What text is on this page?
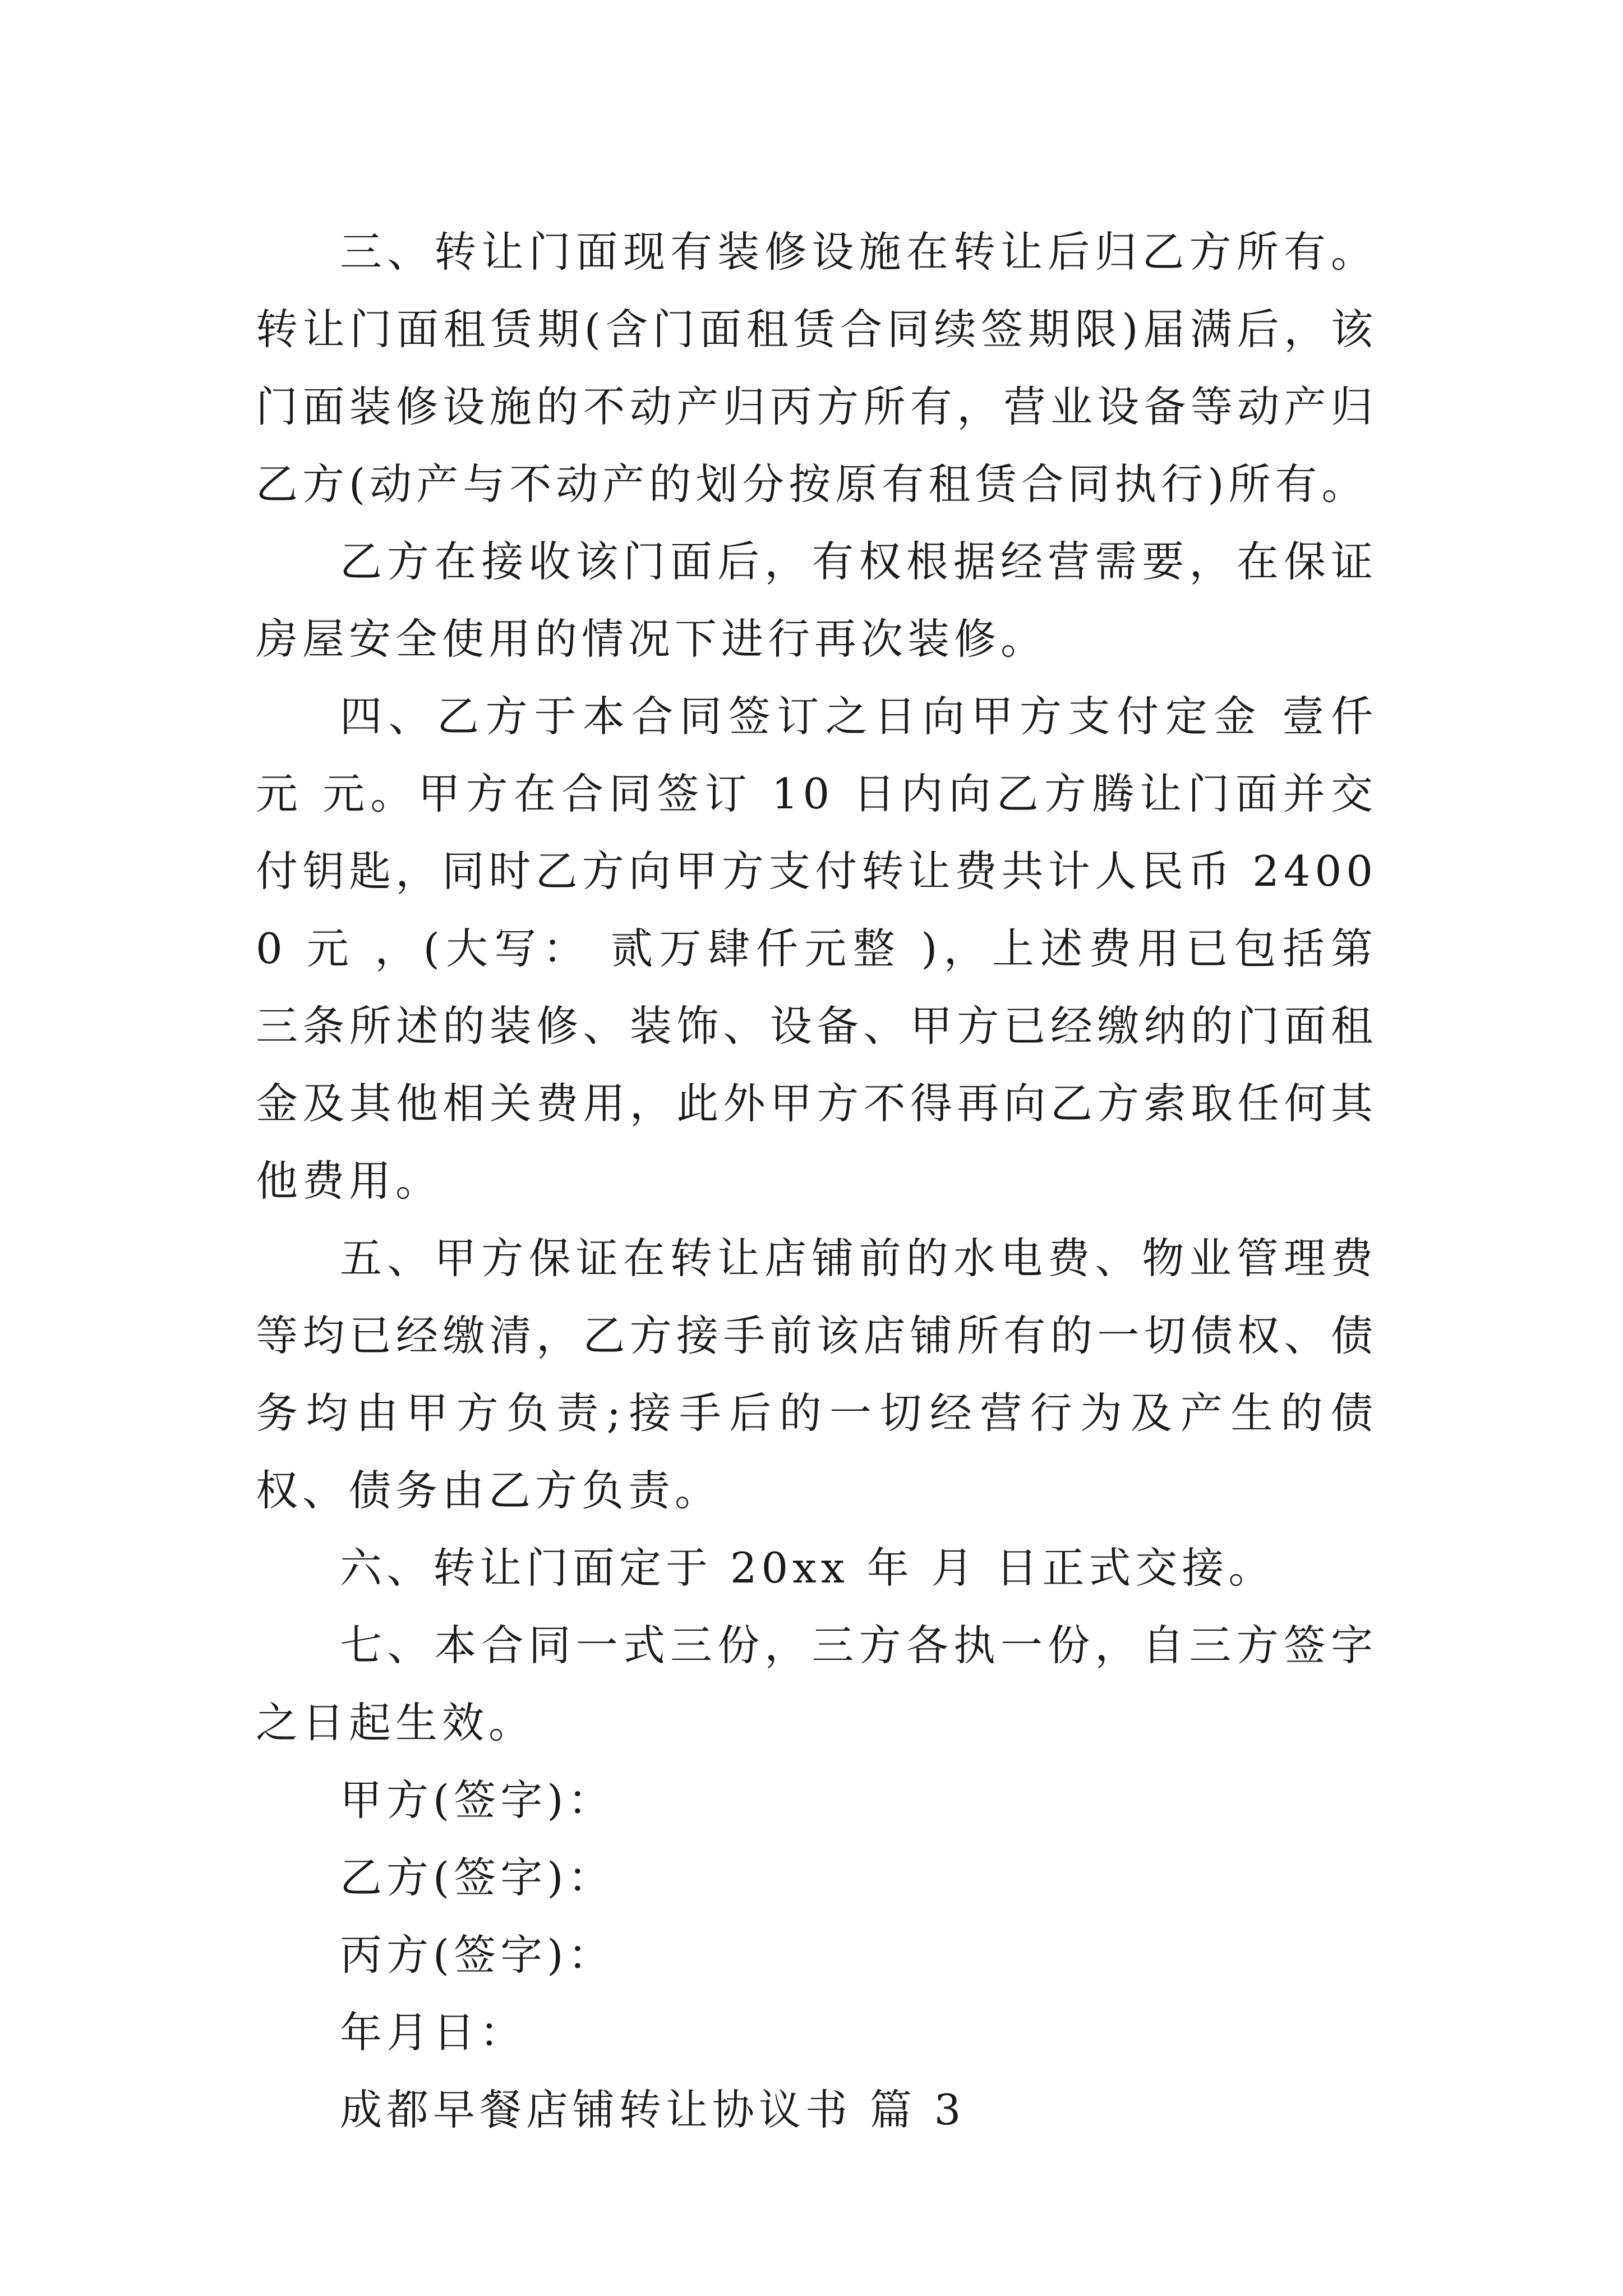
三、转让门面现有装修设施在转让后归乙方所有。 转让门面租赁期(含门面租赁合同续签期限)届满后，该门面装修设施的不动产归丙方所有，营业设备等动产归乙方(动产与不动产的划分按原有租赁合同执行)所有。

乙方在接收该门面后，有权根据经营需要，在保证房屋安全使用的情况下进行再次装修。

四、乙方于本合同签订之日向甲方支付定金 壹仟元 元。甲方在合同签订 10 日内向乙方腾让门面并交付钥匙，同时乙方向甲方支付转让费共计人民币 24000 元 ，(大写： 贰万肆仟元整 )，上述费用已包括第三条所述的装修、装饰、设备、甲方已经缴纳的门面租金及其他相关费用，此外甲方不得再向乙方索取任何其他费用。

五、甲方保证在转让店铺前的水电费、物业管理费等均已经缴清，乙方接手前该店铺所有的一切债权、债务均由甲方负责;接手后的一切经营行为及产生的债权、债务由乙方负责。

六、转让门面定于 20xx 年 月 日正式交接。

七、本合同一式三份，三方各执一份，自三方签字之日起生效。

甲方(签字)：

乙方(签字)：

丙方(签字)：

年月日：

成都早餐店铺转让协议书 篇 3
